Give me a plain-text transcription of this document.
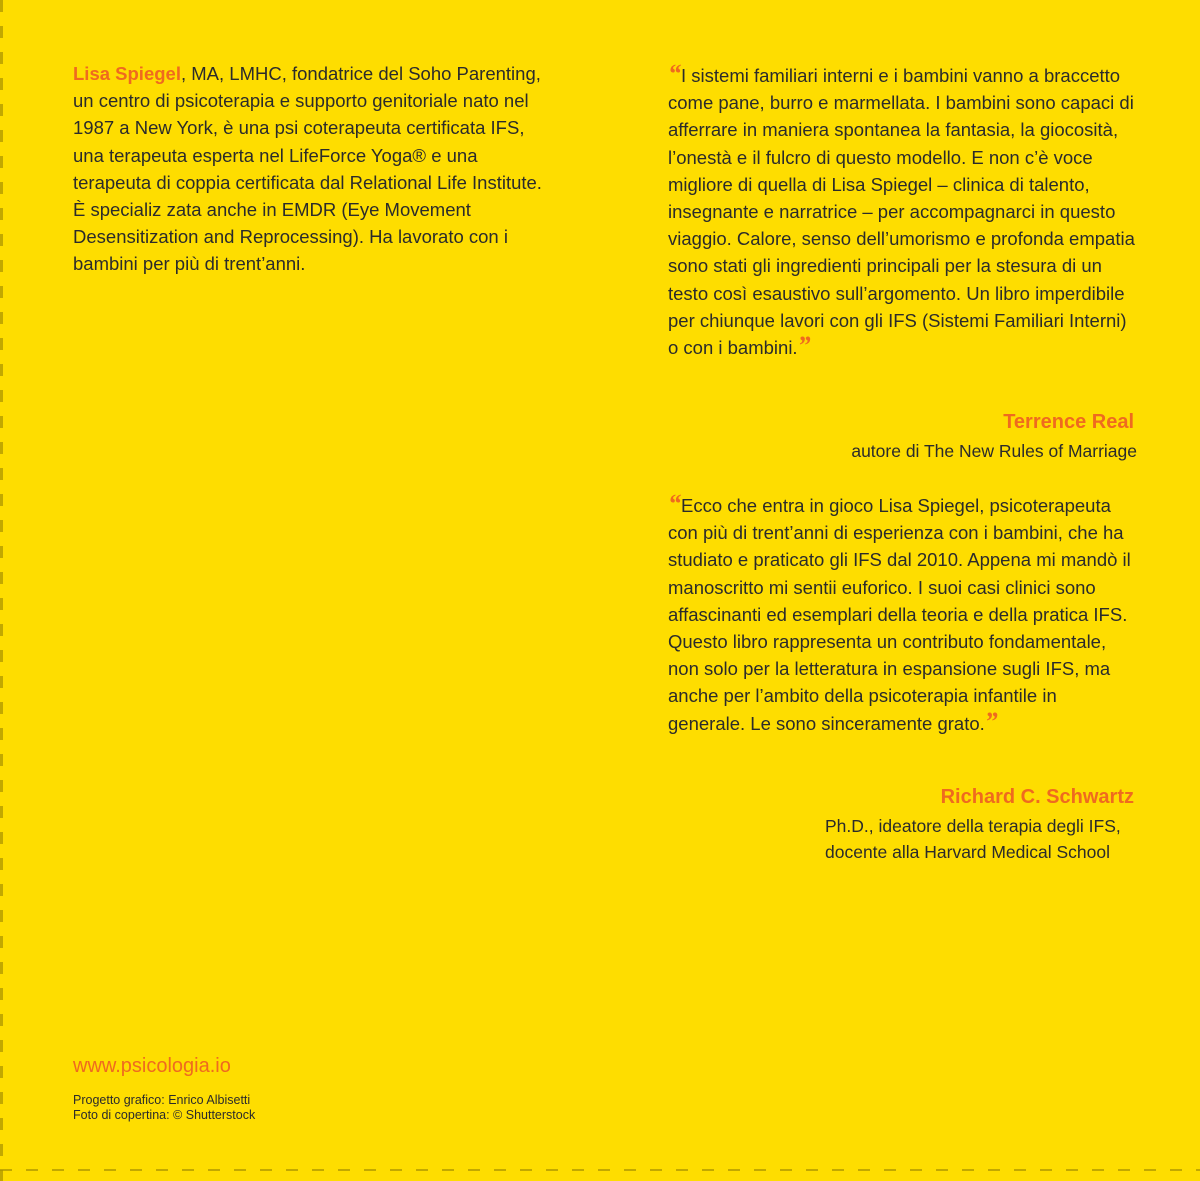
Lisa Spiegel, MA, LMHC, fondatrice del Soho Parenting, un centro di psicoterapia e supporto genitoriale nato nel 1987 a New York, è una psi coterapeuta certificata IFS, una terapeuta esperta nel LifeForce Yoga® e una terapeuta di coppia certificata dal Relational Life Institute. È specializ zata anche in EMDR (Eye Movement Desensitization and Reprocessing). Ha lavorato con i bambini per più di trent’anni.

“I sistemi familiari interni e i bambini vanno a braccetto come pane, burro e marmellata. I bambini sono capaci di afferrare in maniera spontanea la fantasia, la giocosità, l’onestà e il fulcro di questo modello. E non c’è voce migliore di quella di Lisa Spiegel – clinica di talento, insegnante e narratrice – per accompagnarci in questo viaggio. Calore, senso dell’umorismo e profonda empatia sono stati gli ingredienti principali per la stesura di un testo così esaustivo sull’argomento. Un libro imperdibile per chiunque lavori con gli IFS (Sistemi Familiari Interni) o con i bambini.”

Terrence Real
autore di The New Rules of Marriage

“Ecco che entra in gioco Lisa Spiegel, psicoterapeuta con più di trent’anni di esperienza con i bambini, che ha studiato e praticato gli IFS dal 2010. Appena mi mandò il manoscritto mi sentii euforico. I suoi casi clinici sono affascinanti ed esemplari della teoria e della pratica IFS. Questo libro rappresenta un contributo fondamentale, non solo per la letteratura in espansione sugli IFS, ma anche per l’ambito della psicoterapia infantile in generale. Le sono sinceramente grato.”

Richard C. Schwartz
Ph.D., ideatore della terapia degli IFS,
docente alla Harvard Medical School
www.psicologia.io
Progetto grafico: Enrico Albisetti
Foto di copertina: © Shutterstock
